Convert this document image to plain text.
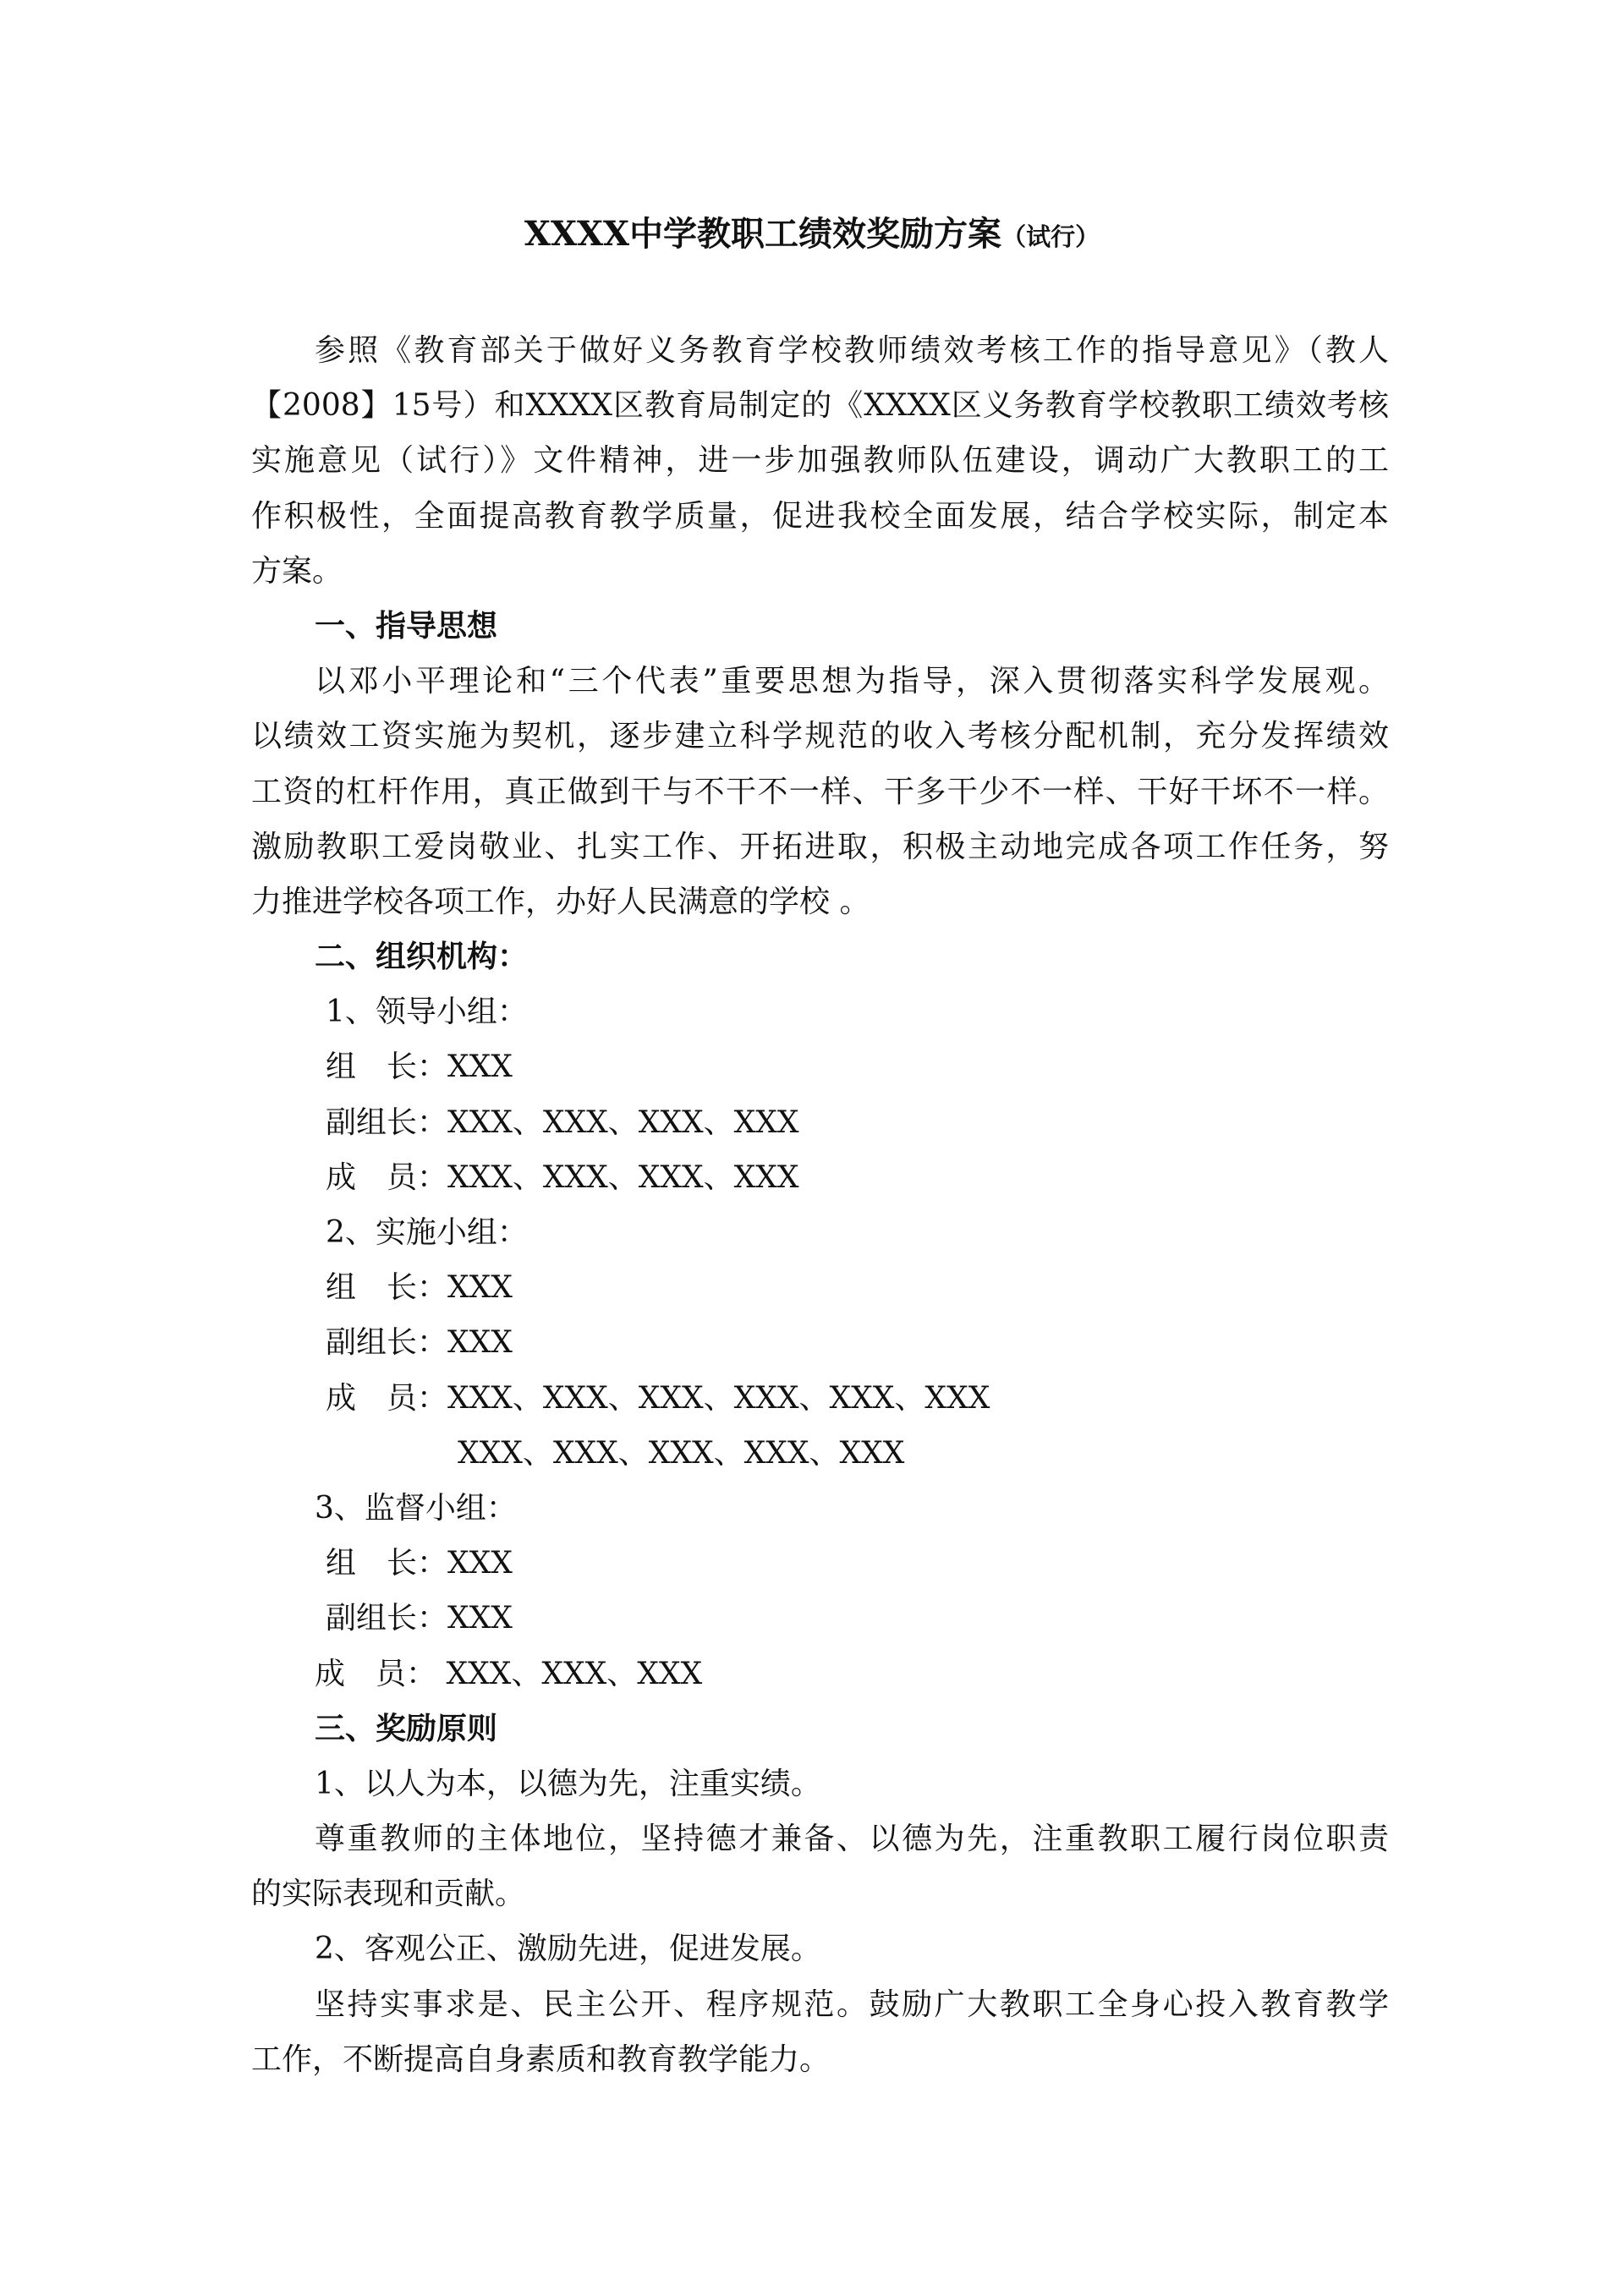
XXXX中学教职工绩效奖励方案（试行）
参照《教育部关于做好义务教育学校教师绩效考核工作的指导意见》（教人
【2008】15号）和XXXX区教育局制定的《XXXX区义务教育学校教职工绩效考核
实施意见（试行）》文件精神，进一步加强教师队伍建设，调动广大教职工的工
作积极性，全面提高教育教学质量，促进我校全面发展，结合学校实际，制定本
方案。
一、指导思想
以邓小平理论和“三个代表”重要思想为指导，深入贯彻落实科学发展观。
以绩效工资实施为契机，逐步建立科学规范的收入考核分配机制，充分发挥绩效
工资的杠杆作用，真正做到干与不干不一样、干多干少不一样、干好干坏不一样。
激励教职工爱岗敬业、扎实工作、开拓进取，积极主动地完成各项工作任务，努
力推进学校各项工作，办好人民满意的学校 。
二、组织机构：
1、领导小组：
组　长：XXX
副组长：XXX、XXX、XXX、XXX
成　员：XXX、XXX、XXX、XXX
2、实施小组：
组　长：XXX
副组长：XXX
成　员：XXX、XXX、XXX、XXX、XXX、XXX
XXX、XXX、XXX、XXX、XXX
3、监督小组：
组　长：XXX
副组长：XXX
成　员： XXX、XXX、XXX
三、奖励原则
1、以人为本，以德为先，注重实绩。
尊重教师的主体地位，坚持德才兼备、以德为先，注重教职工履行岗位职责
的实际表现和贡献。
2、客观公正、激励先进，促进发展。
坚持实事求是、民主公开、程序规范。鼓励广大教职工全身心投入教育教学
工作，不断提高自身素质和教育教学能力。
